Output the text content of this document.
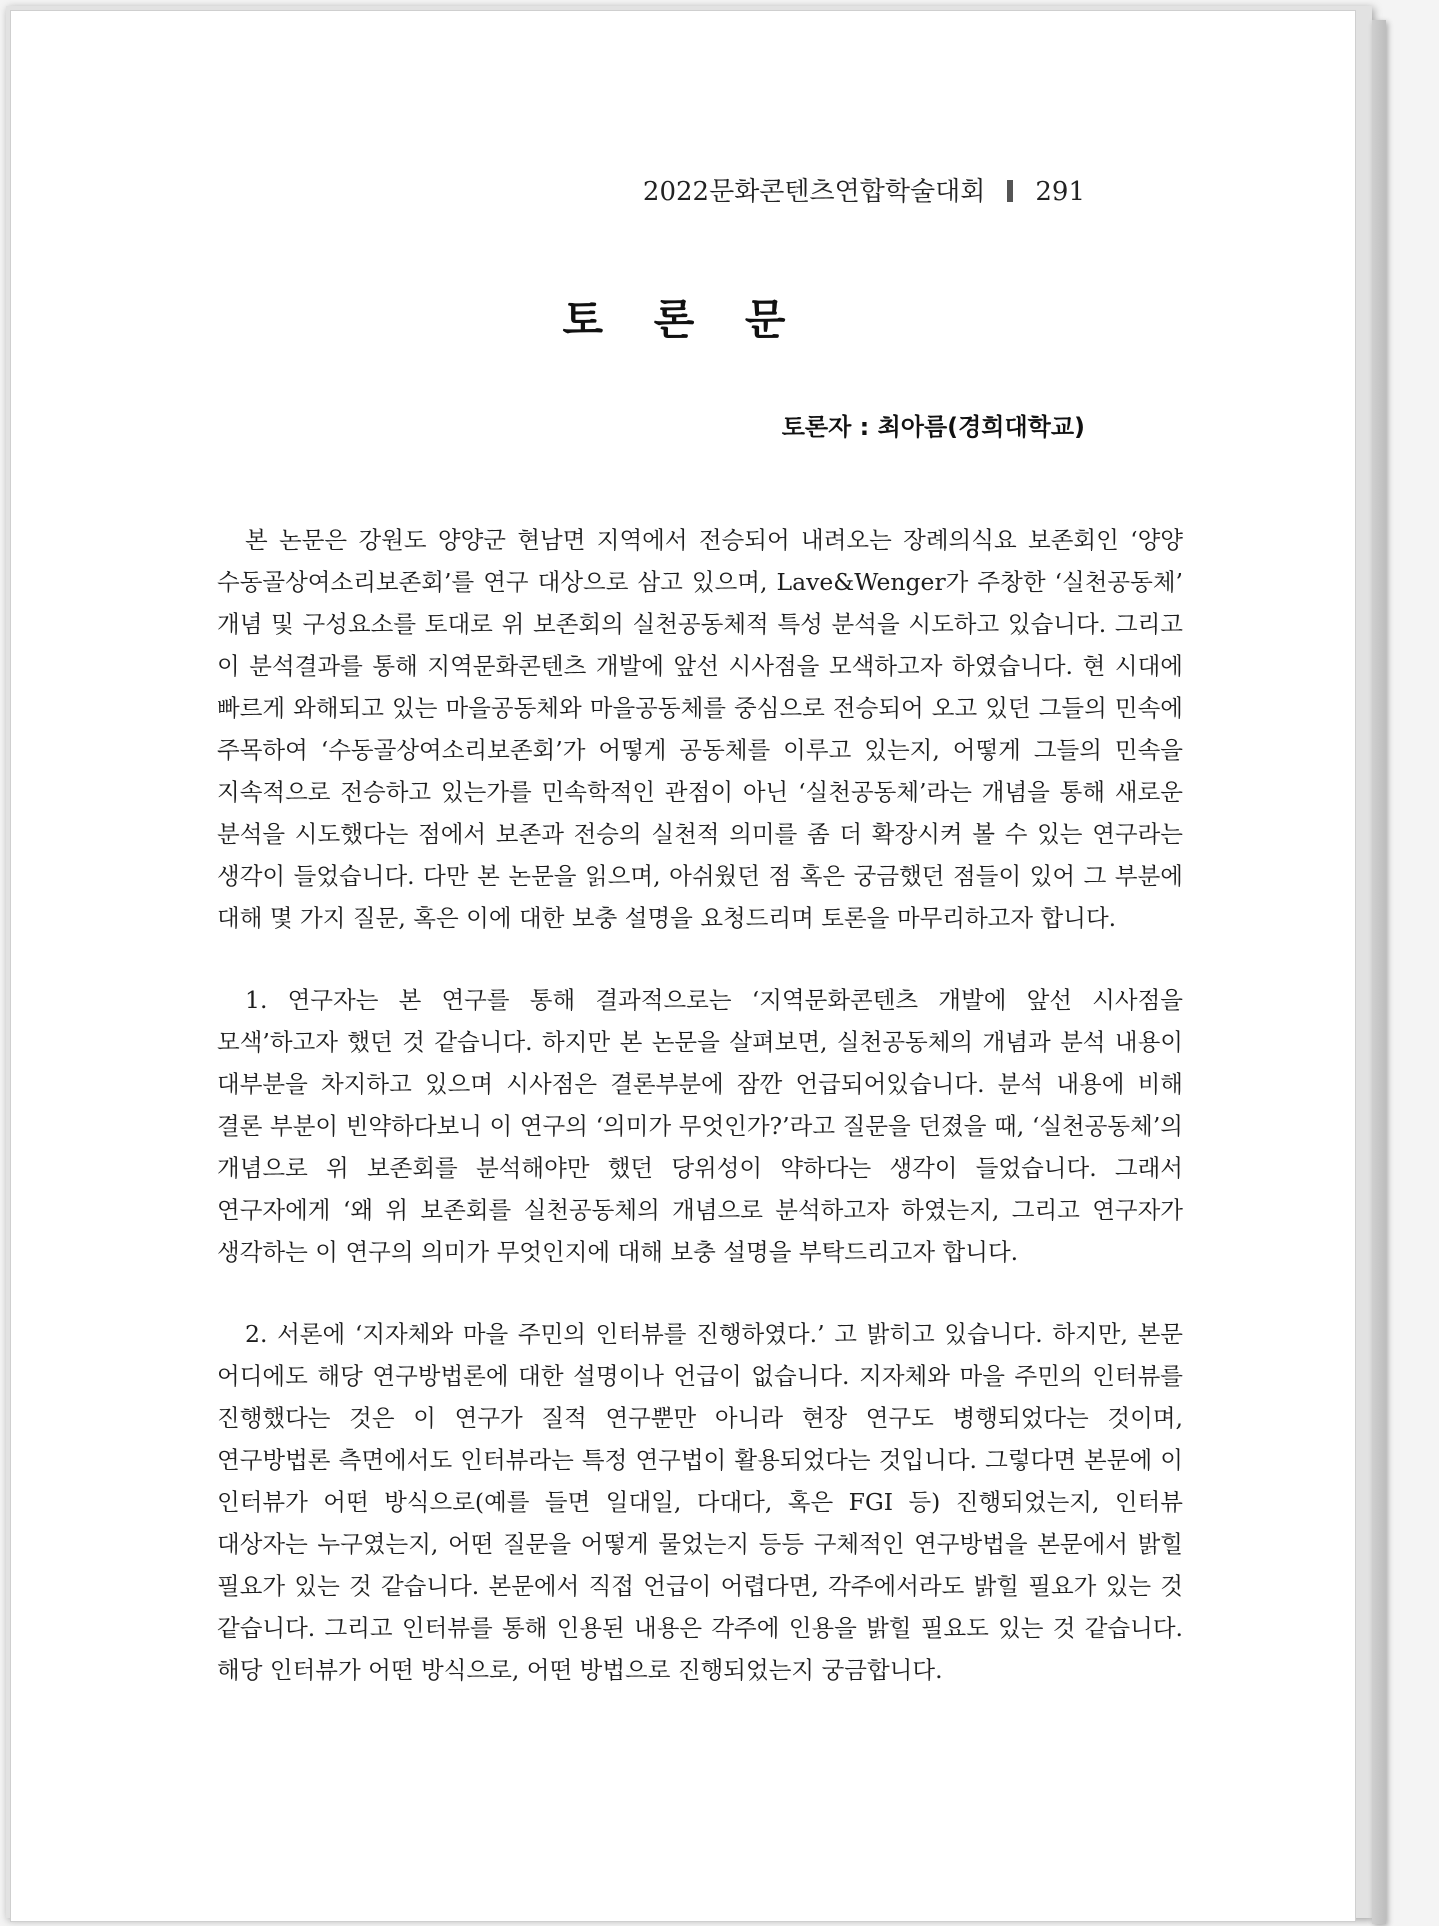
2022문화콘텐츠연합학술대회 291
토 론 문
토론자 : 최아름(경희대학교)

본 논문은 강원도 양양군 현남면 지역에서 전승되어 내려오는 장례의식요 보존회인 ‘양양 수동골상여소리보존회’를 연구 대상으로 삼고 있으며, Lave&Wenger가 주창한 ‘실천공동체’ 개념 및 구성요소를 토대로 위 보존회의 실천공동체적 특성 분석을 시도하고 있습니다. 그리고 이 분석결과를 통해 지역문화콘텐츠 개발에 앞선 시사점을 모색하고자 하였습니다. 현 시대에 빠르게 와해되고 있는 마을공동체와 마을공동체를 중심으로 전승되어 오고 있던 그들의 민속에 주목하여 ‘수동골상여소리보존회’가 어떻게 공동체를 이루고 있는지, 어떻게 그들의 민속을 지속적으로 전승하고 있는가를 민속학적인 관점이 아닌 ‘실천공동체’라는 개념을 통해 새로운 분석을 시도했다는 점에서 보존과 전승의 실천적 의미를 좀 더 확장시켜 볼 수 있는 연구라는 생각이 들었습니다. 다만 본 논문을 읽으며, 아쉬웠던 점 혹은 궁금했던 점들이 있어 그 부분에 대해 몇 가지 질문, 혹은 이에 대한 보충 설명을 요청드리며 토론을 마무리하고자 합니다.

1. 연구자는 본 연구를 통해 결과적으로는 ‘지역문화콘텐츠 개발에 앞선 시사점을 모색’하고자 했던 것 같습니다. 하지만 본 논문을 살펴보면, 실천공동체의 개념과 분석 내용이 대부분을 차지하고 있으며 시사점은 결론부분에 잠깐 언급되어있습니다. 분석 내용에 비해 결론 부분이 빈약하다보니 이 연구의 ‘의미가 무엇인가?’라고 질문을 던졌을 때, ‘실천공동체’의 개념으로 위 보존회를 분석해야만 했던 당위성이 약하다는 생각이 들었습니다. 그래서 연구자에게 ‘왜 위 보존회를 실천공동체의 개념으로 분석하고자 하였는지, 그리고 연구자가 생각하는 이 연구의 의미가 무엇인지에 대해 보충 설명을 부탁드리고자 합니다.

2. 서론에 ‘지자체와 마을 주민의 인터뷰를 진행하였다.’ 고 밝히고 있습니다. 하지만, 본문 어디에도 해당 연구방법론에 대한 설명이나 언급이 없습니다. 지자체와 마을 주민의 인터뷰를 진행했다는 것은 이 연구가 질적 연구뿐만 아니라 현장 연구도 병행되었다는 것이며, 연구방법론 측면에서도 인터뷰라는 특정 연구법이 활용되었다는 것입니다. 그렇다면 본문에 이 인터뷰가 어떤 방식으로(예를 들면 일대일, 다대다, 혹은 FGI 등) 진행되었는지, 인터뷰 대상자는 누구였는지, 어떤 질문을 어떻게 물었는지 등등 구체적인 연구방법을 본문에서 밝힐 필요가 있는 것 같습니다. 본문에서 직접 언급이 어렵다면, 각주에서라도 밝힐 필요가 있는 것 같습니다. 그리고 인터뷰를 통해 인용된 내용은 각주에 인용을 밝힐 필요도 있는 것 같습니다. 해당 인터뷰가 어떤 방식으로, 어떤 방법으로 진행되었는지 궁금합니다.
